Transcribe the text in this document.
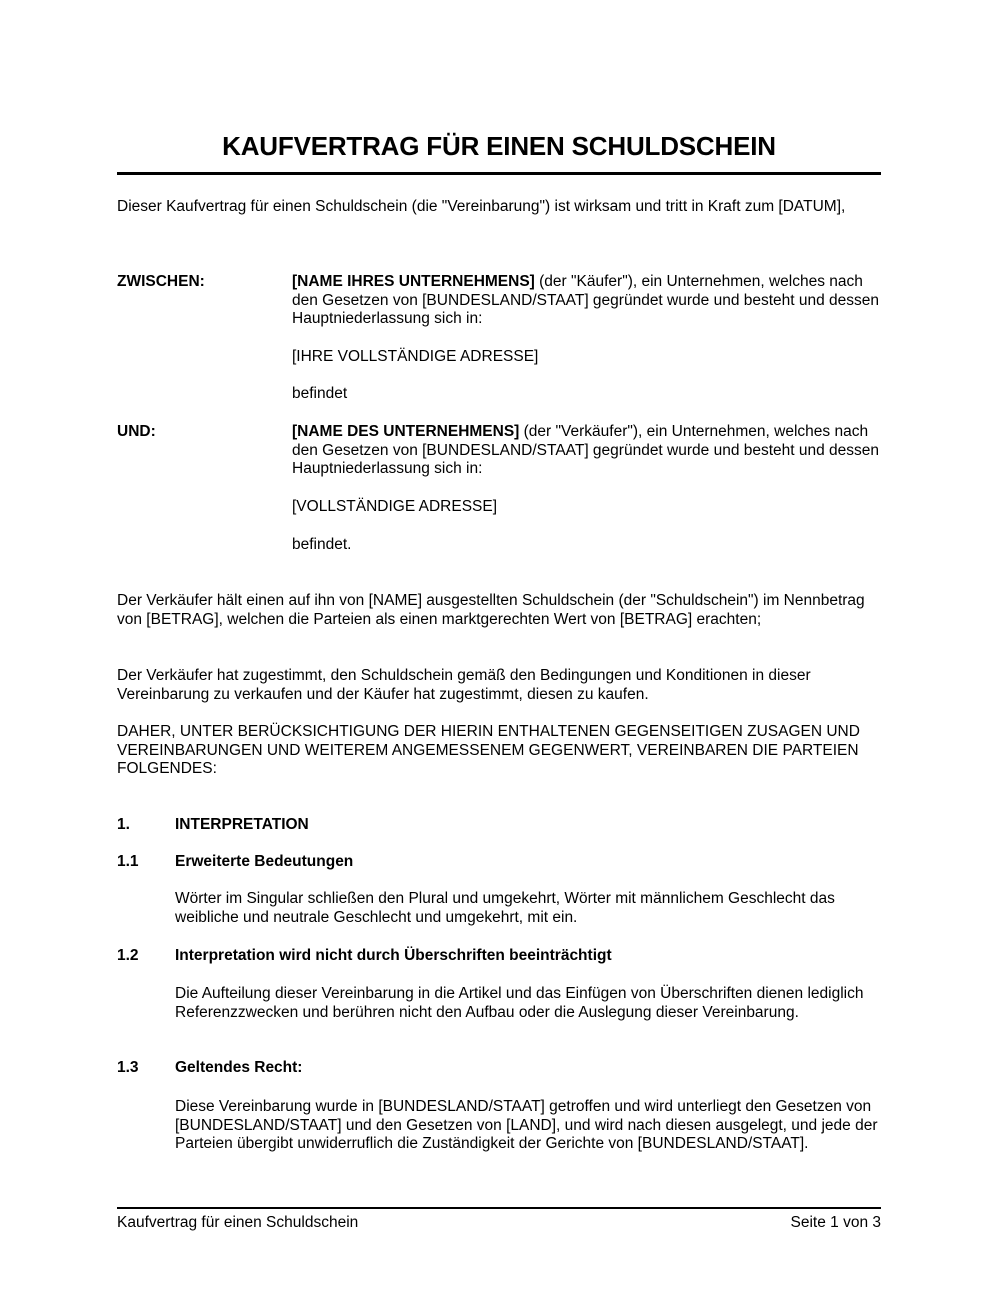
KAUFVERTRAG FÜR EINEN SCHULDSCHEIN

Dieser Kaufvertrag für einen Schuldschein (die "Vereinbarung") ist wirksam und tritt in Kraft zum [DATUM],

ZWISCHEN:	[NAME IHRES UNTERNEHMENS] (der "Käufer"), ein Unternehmen, welches nach den Gesetzen von [BUNDESLAND/STAAT] gegründet wurde und besteht und dessen Hauptniederlassung sich in:

[IHRE VOLLSTÄNDIGE ADRESSE]
befindet
UND:	[NAME DES UNTERNEHMENS] (der "Verkäufer"), ein Unternehmen, welches nach den Gesetzen von [BUNDESLAND/STAAT] gegründet wurde und besteht und dessen Hauptniederlassung sich in:

[VOLLSTÄNDIGE ADRESSE]
befindet.

Der Verkäufer hält einen auf ihn von [NAME] ausgestellten Schuldschein (der "Schuldschein") im Nennbetrag von [BETRAG], welchen die Parteien als einen marktgerechten Wert von [BETRAG] erachten;

Der Verkäufer hat zugestimmt, den Schuldschein gemäß den Bedingungen und Konditionen in dieser Vereinbarung zu verkaufen und der Käufer hat zugestimmt, diesen zu kaufen.

DAHER, UNTER BERÜCKSICHTIGUNG DER HIERIN ENTHALTENEN GEGENSEITIGEN ZUSAGEN UND VEREINBARUNGEN UND WEITEREM ANGEMESSENEM GEGENWERT, VEREINBAREN DIE PARTEIEN FOLGENDES:

1.	INTERPRETATION
1.1 Erweiterte Bedeutungen

Wörter im Singular schließen den Plural und umgekehrt, Wörter mit männlichem Geschlecht das weibliche und neutrale Geschlecht und umgekehrt, mit ein.

1.2 Interpretation wird nicht durch Überschriften beeinträchtigt

Die Aufteilung dieser Vereinbarung in die Artikel und das Einfügen von Überschriften dienen lediglich Referenzzwecken und berühren nicht den Aufbau oder die Auslegung dieser Vereinbarung.

1.3 Geltendes Recht:

Diese Vereinbarung wurde in [BUNDESLAND/STAAT] getroffen und wird unterliegt den Gesetzen von [BUNDESLAND/STAAT] und den Gesetzen von [LAND], und wird nach diesen ausgelegt, und jede der Parteien übergibt unwiderruflich die Zuständigkeit der Gerichte von [BUNDESLAND/STAAT].

Kaufvertrag für einen Schuldschein	Seite 1 von 3
